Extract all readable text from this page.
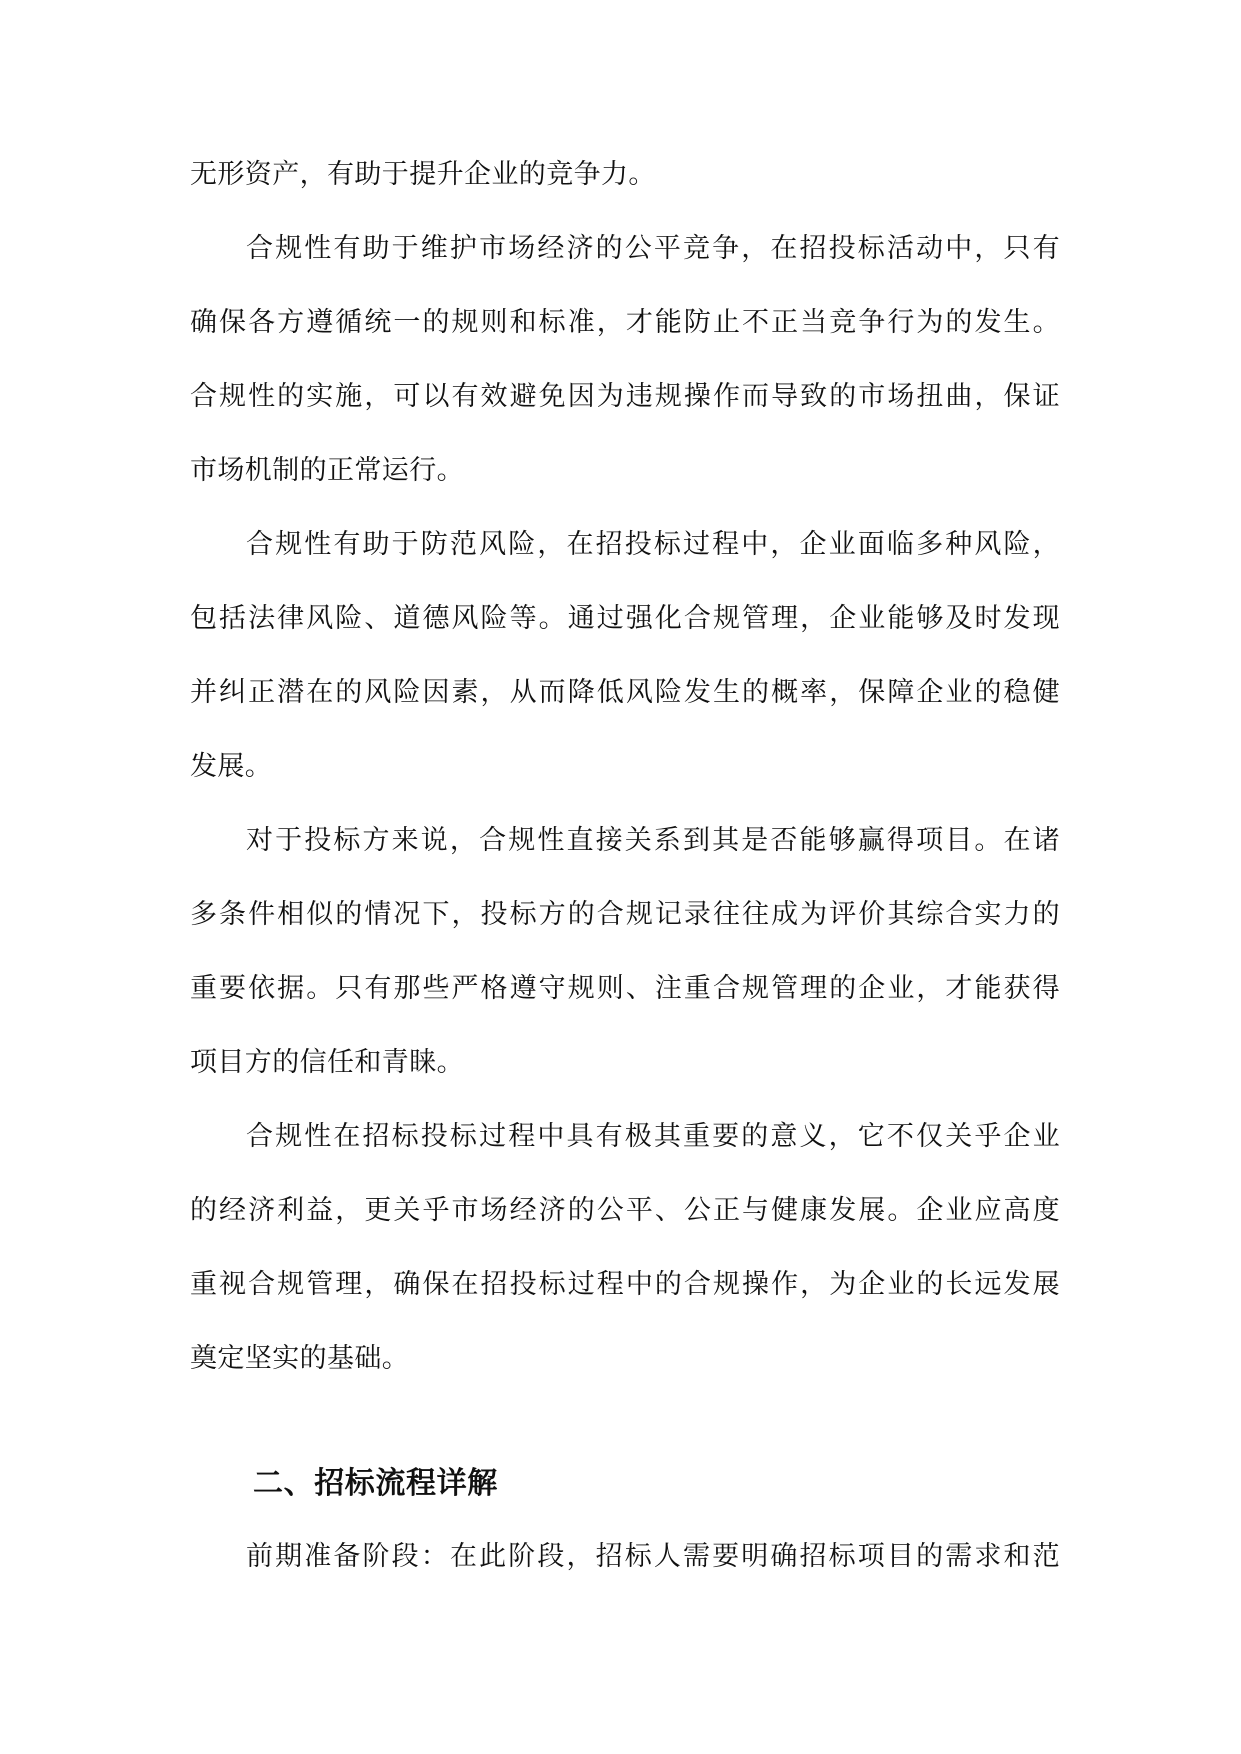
无形资产，有助于提升企业的竞争力。
合规性有助于维护市场经济的公平竞争，在招投标活动中，只有
确保各方遵循统一的规则和标准，才能防止不正当竞争行为的发生。
合规性的实施，可以有效避免因为违规操作而导致的市场扭曲，保证
市场机制的正常运行。
合规性有助于防范风险，在招投标过程中，企业面临多种风险，
包括法律风险、道德风险等。通过强化合规管理，企业能够及时发现
并纠正潜在的风险因素，从而降低风险发生的概率，保障企业的稳健
发展。
对于投标方来说，合规性直接关系到其是否能够赢得项目。在诸
多条件相似的情况下，投标方的合规记录往往成为评价其综合实力的
重要依据。只有那些严格遵守规则、注重合规管理的企业，才能获得
项目方的信任和青睐。
合规性在招标投标过程中具有极其重要的意义，它不仅关乎企业
的经济利益，更关乎市场经济的公平、公正与健康发展。企业应高度
重视合规管理，确保在招投标过程中的合规操作，为企业的长远发展
奠定坚实的基础。
二、招标流程详解
前期准备阶段：在此阶段，招标人需要明确招标项目的需求和范
